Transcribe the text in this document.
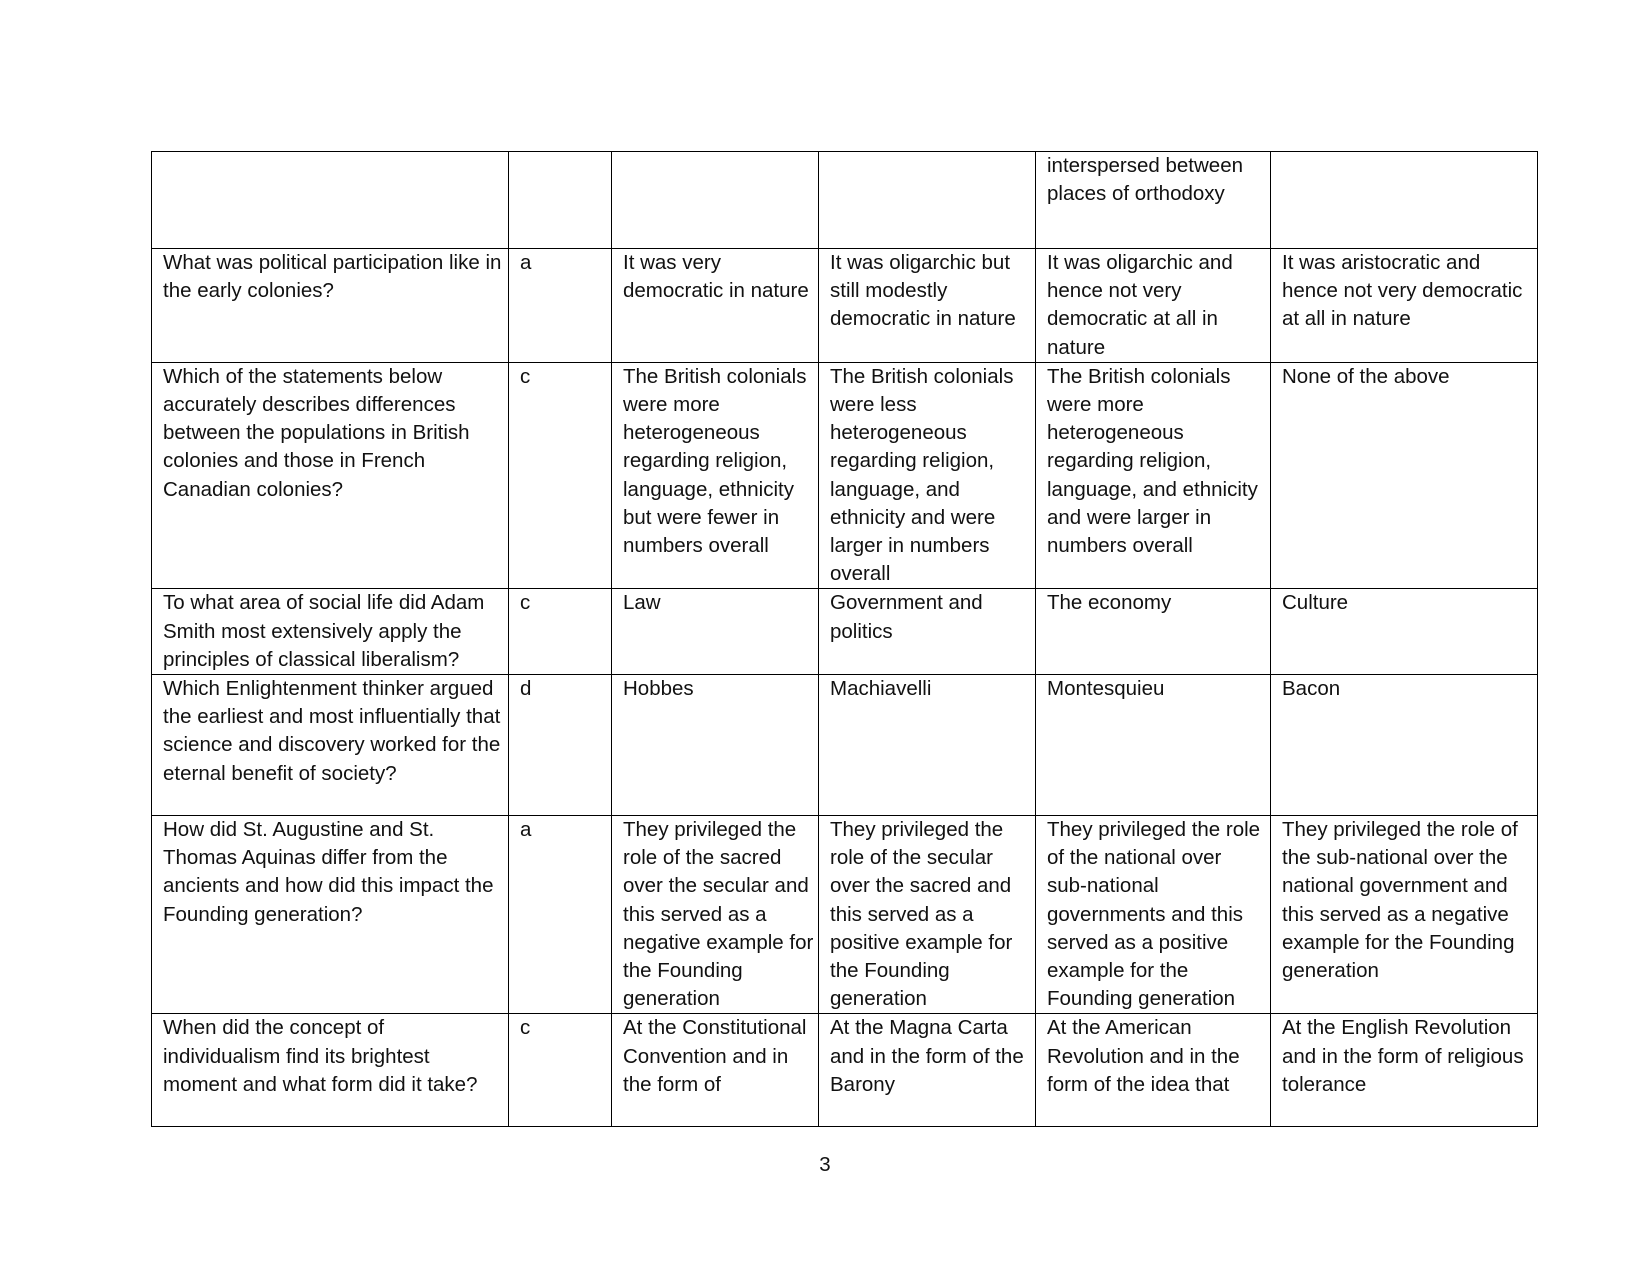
				interspersed between places of orthodoxy	
What was political participation like in the early colonies?	a	It was very democratic in nature	It was oligarchic but still modestly democratic in nature	It was oligarchic and hence not very democratic at all in nature	It was aristocratic and hence not very democratic at all in nature
Which of the statements below accurately describes differences between the populations in British colonies and those in French Canadian colonies?	c	The British colonials were more heterogeneous regarding religion, language, ethnicity but were fewer in numbers overall	The British colonials were less heterogeneous regarding religion, language, and ethnicity and were larger in numbers overall	The British colonials were more heterogeneous regarding religion, language, and ethnicity and were larger in numbers overall	None of the above
To what area of social life did Adam Smith most extensively apply the principles of classical liberalism?	c	Law	Government and politics	The economy	Culture
Which Enlightenment thinker argued the earliest and most influentially that science and discovery worked for the eternal benefit of society?	d	Hobbes	Machiavelli	Montesquieu	Bacon
How did St. Augustine and St. Thomas Aquinas differ from the ancients and how did this impact the Founding generation?	a	They privileged the role of the sacred over the secular and this served as a negative example for the Founding generation	They privileged the role of the secular over the sacred and this served as a positive example for the Founding generation	They privileged the role of the national over sub-national governments and this served as a positive example for the Founding generation	They privileged the role of the sub-national over the national government and this served as a negative example for the Founding generation
When did the concept of individualism find its brightest moment and what form did it take?	c	At the Constitutional Convention and in the form of	At the Magna Carta and in the form of the Barony	At the American Revolution and in the form of the idea that	At the English Revolution and in the form of religious tolerance
3
